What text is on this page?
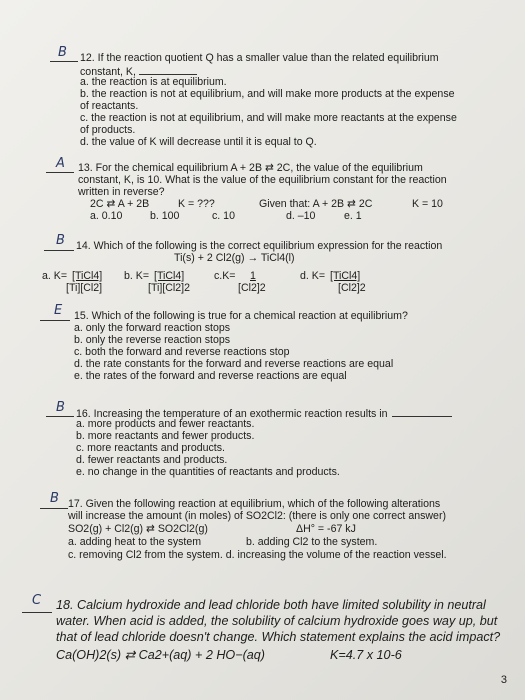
B 12. If the reaction quotient Q has a smaller value than the related equilibrium
constant, K,
a. the reaction is at equilibrium.
b. the reaction is not at equilibrium, and will make more products at the expense
of reactants.
c. the reaction is not at equilibrium, and will make more reactants at the expense
of products.
d. the value of K will decrease until it is equal to Q.
A 13. For the chemical equilibrium A + 2B ⇄ 2C, the value of the equilibrium
constant, K, is 10. What is the value of the equilibrium constant for the reaction
written in reverse?
2C ⇄ A + 2B	K = ???	Given that: A + 2B ⇄ 2C	K = 10
a. 0.10	b. 100	c. 10	d. –10	e. 1
B 14. Which of the following is the correct equilibrium expression for the reaction
Ti(s) + 2 Cl2(g) → TiCl4(l)
a. K= [TiCl4]
[Ti][Cl2]
b. K= [TiCl4]
[Ti][Cl2]2
c.K= 1
[Cl2]2
d. K= [TiCl4]
[Cl2]2
E 15. Which of the following is true for a chemical reaction at equilibrium?
a. only the forward reaction stops
b. only the reverse reaction stops
c. both the forward and reverse reactions stop
d. the rate constants for the forward and reverse reactions are equal
e. the rates of the forward and reverse reactions are equal
B 16. Increasing the temperature of an exothermic reaction results in
a. more products and fewer reactants.
b. more reactants and fewer products.
c. more reactants and products.
d. fewer reactants and products.
e. no change in the quantities of reactants and products.
B 17. Given the following reaction at equilibrium, which of the following alterations
will increase the amount (in moles) of SO2Cl2: (there is only one correct answer)
SO2(g) + Cl2(g) ⇄ SO2Cl2(g)	ΔH° = -67 kJ
a. adding heat to the system	b. adding Cl2 to the system.
c. removing Cl2 from the system. d. increasing the volume of the reaction vessel.
C 18. Calcium hydroxide and lead chloride both have limited solubility in neutral
water. When acid is added, the solubility of calcium hydroxide goes way up, but
that of lead chloride doesn't change. Which statement explains the acid impact?
Ca(OH)2(s) ⇄ Ca2+(aq) + 2 HO−(aq)	K=4.7 x 10-6
3
